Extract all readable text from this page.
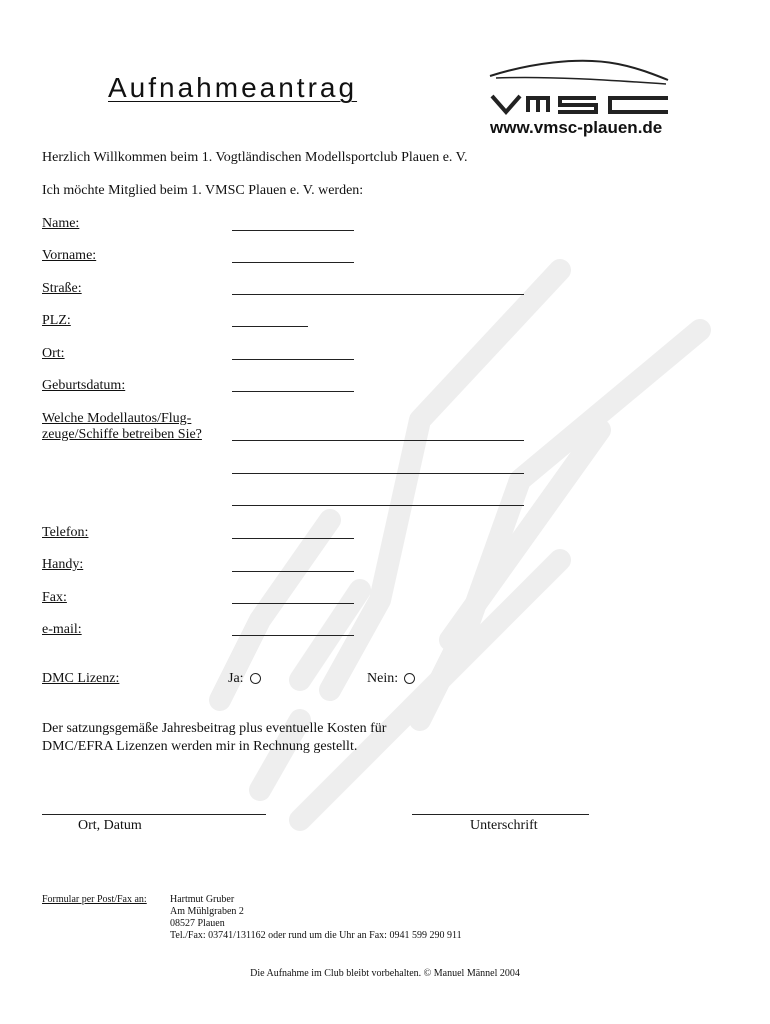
Aufnahmeantrag
www.vmsc-plauen.de
Herzlich Willkommen beim 1. Vogtländischen Modellsportclub Plauen e. V.
Ich möchte Mitglied beim 1. VMSC Plauen e. V. werden:
Name:
Vorname:
Straße:
PLZ:
Ort:
Geburtsdatum:
Welche Modellautos/Flug-
zeuge/Schiffe betreiben Sie?
Telefon:
Handy:
Fax:
e-mail:
DMC Lizenz:	Ja:	Nein:
Der satzungsgemäße Jahresbeitrag plus eventuelle Kosten für
DMC/EFRA Lizenzen werden mir in Rechnung gestellt.
Ort, Datum	Unterschrift
Formular per Post/Fax an: Hartmut Gruber
Am Mühlgraben 2
08527 Plauen
Tel./Fax: 03741/131162 oder rund um die Uhr an Fax: 0941 599 290 911
Die Aufnahme im Club bleibt vorbehalten. © Manuel Männel 2004
